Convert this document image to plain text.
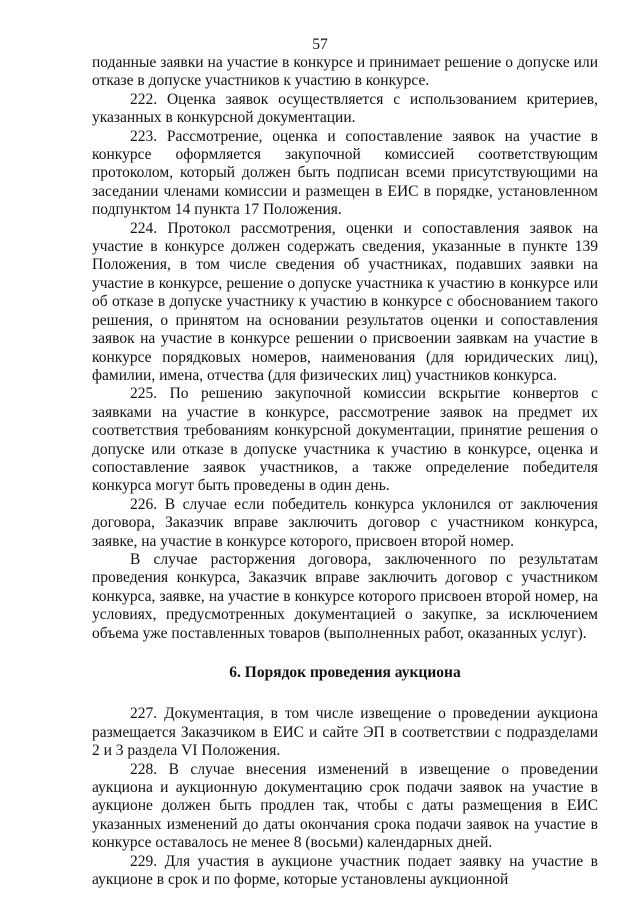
57

поданные заявки на участие в конкурсе и принимает решение о допуске или отказе в допуске участников к участию в конкурсе.

222. Оценка заявок осуществляется с использованием критериев, указанных в конкурсной документации.

223. Рассмотрение, оценка и сопоставление заявок на участие в конкурсе оформляется закупочной комиссией соответствующим протоколом, который должен быть подписан всеми присутствующими на заседании членами комиссии и размещен в ЕИС в порядке, установленном подпунктом 14 пункта 17 Положения.

224. Протокол рассмотрения, оценки и сопоставления заявок на участие в конкурсе должен содержать сведения, указанные в пункте 139 Положения, в том числе сведения об участниках, подавших заявки на участие в конкурсе, решение о допуске участника к участию в конкурсе или об отказе в допуске участнику к участию в конкурсе с обоснованием такого решения, о принятом на основании результатов оценки и сопоставления заявок на участие в конкурсе решении о присвоении заявкам на участие в конкурсе порядковых номеров, наименования (для юридических лиц), фамилии, имена, отчества (для физических лиц) участников конкурса.

225. По решению закупочной комиссии вскрытие конвертов с заявками на участие в конкурсе, рассмотрение заявок на предмет их соответствия требованиям конкурсной документации, принятие решения о допуске или отказе в допуске участника к участию в конкурсе, оценка и сопоставление заявок участников, а также определение победителя конкурса могут быть проведены в один день.

226. В случае если победитель конкурса уклонился от заключения договора, Заказчик вправе заключить договор с участником конкурса, заявке, на участие в конкурсе которого, присвоен второй номер.

В случае расторжения договора, заключенного по результатам проведения конкурса, Заказчик вправе заключить договор с участником конкурса, заявке, на участие в конкурсе которого присвоен второй номер, на условиях, предусмотренных документацией о закупке, за исключением объема уже поставленных товаров (выполненных работ, оказанных услуг).

6. Порядок проведения аукциона

227. Документация, в том числе извещение о проведении аукциона размещается Заказчиком в ЕИС и сайте ЭП в соответствии с подразделами 2 и 3 раздела VI Положения.

228. В случае внесения изменений в извещение о проведении аукциона и аукционную документацию срок подачи заявок на участие в аукционе должен быть продлен так, чтобы с даты размещения в ЕИС указанных изменений до даты окончания срока подачи заявок на участие в конкурсе оставалось не менее 8 (восьми) календарных дней.

229. Для участия в аукционе участник подает заявку на участие в аукционе в срок и по форме, которые установлены аукционной
